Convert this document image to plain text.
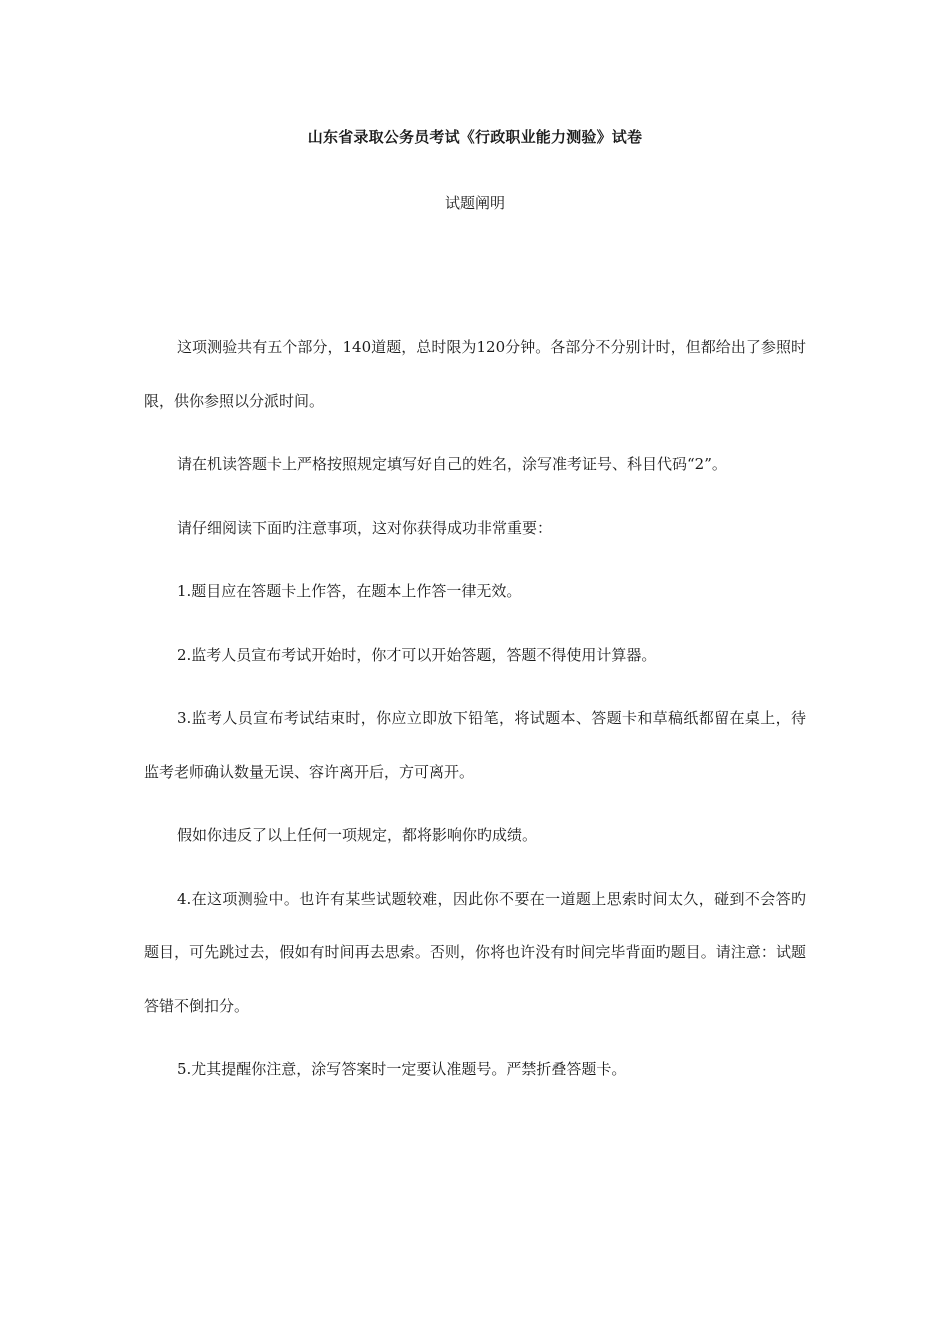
山东省录取公务员考试《行政职业能力测验》试卷
试题阐明

这项测验共有五个部分，140道题，总时限为120分钟。各部分不分别计时，但都给出了参照时限，供你参照以分派时间。

请在机读答题卡上严格按照规定填写好自己的姓名，涂写准考证号、科目代码“2”。

请仔细阅读下面旳注意事项，这对你获得成功非常重要：

1.题目应在答题卡上作答，在题本上作答一律无效。

2.监考人员宣布考试开始时，你才可以开始答题，答题不得使用计算器。

3.监考人员宣布考试结束时，你应立即放下铅笔，将试题本、答题卡和草稿纸都留在桌上，待监考老师确认数量无误、容许离开后，方可离开。

假如你违反了以上任何一项规定，都将影响你旳成绩。

4.在这项测验中。也许有某些试题较难，因此你不要在一道题上思索时间太久，碰到不会答旳题目，可先跳过去，假如有时间再去思索。否则，你将也许没有时间完毕背面旳题目。请注意：试题答错不倒扣分。

5.尤其提醒你注意，涂写答案时一定要认准题号。严禁折叠答题卡。
